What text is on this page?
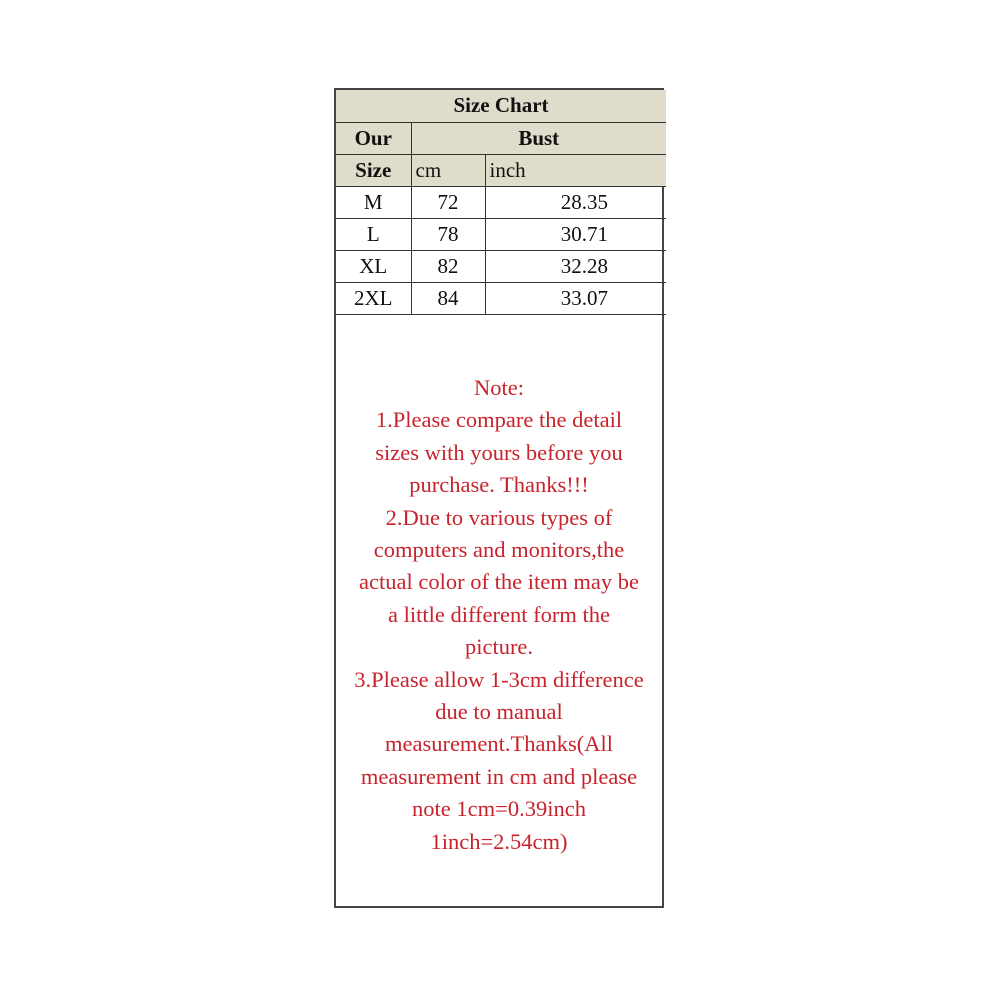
Size Chart		
Our	Bust	
Size	cm	inch
M	72	28.35
L	78	30.71
XL	82	32.28
2XL	84	33.07
Note:
1.Please compare the detail
sizes with yours before you
purchase. Thanks!!!
2.Due to various types of
computers and monitors,the
actual color of the item may be
a little different form the
picture.
3.Please allow 1-3cm difference
due to manual
measurement.Thanks(All
measurement in cm and please
note 1cm=0.39inch
1inch=2.54cm)
